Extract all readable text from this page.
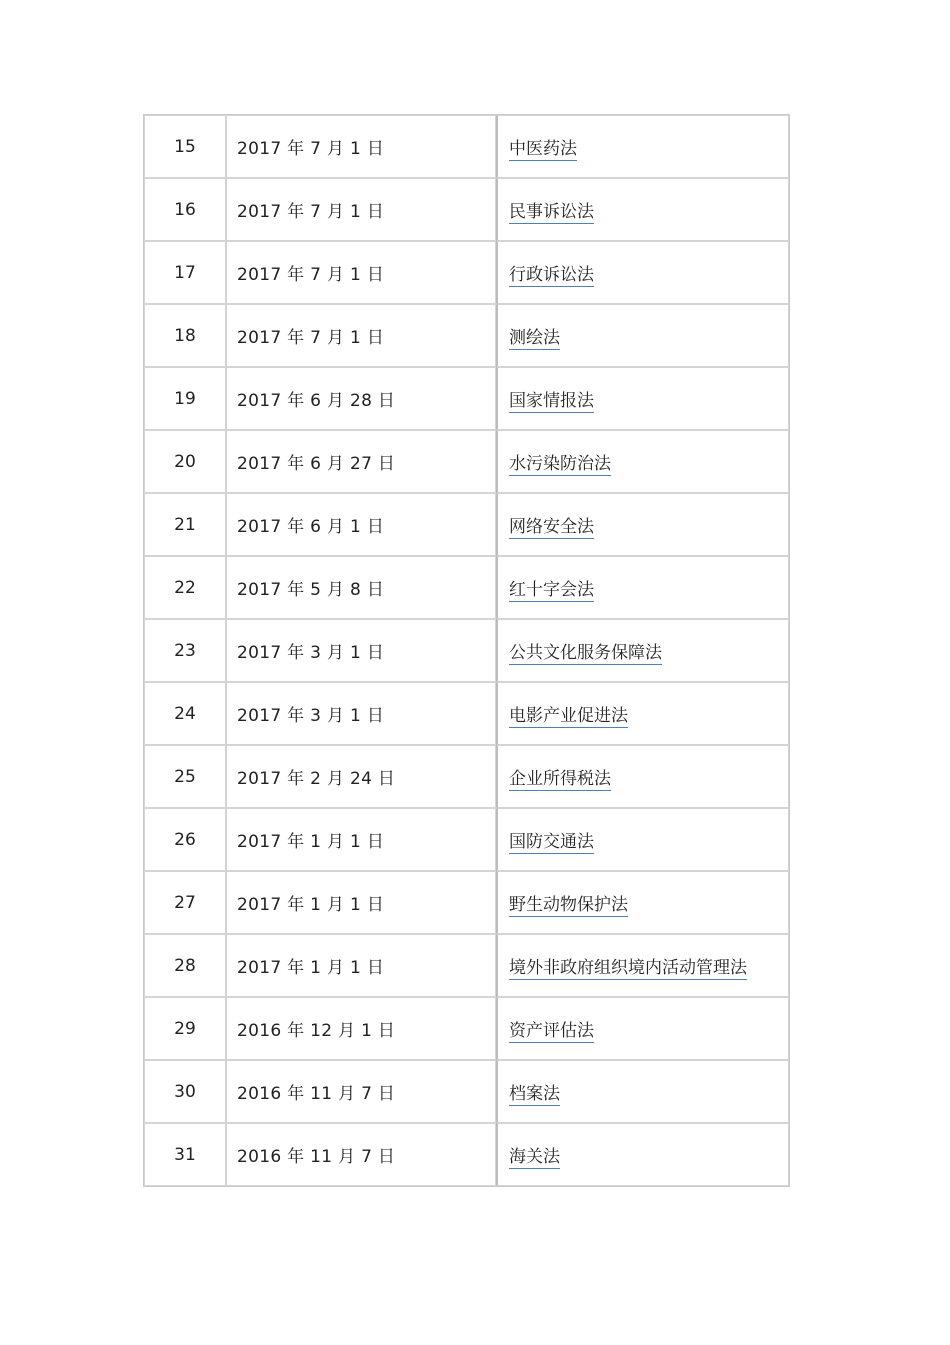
15	2017 年 7 月 1 日	中医药法
16	2017 年 7 月 1 日	民事诉讼法
17	2017 年 7 月 1 日	行政诉讼法
18	2017 年 7 月 1 日	测绘法
19	2017 年 6 月 28 日	国家情报法
20	2017 年 6 月 27 日	水污染防治法
21	2017 年 6 月 1 日	网络安全法
22	2017 年 5 月 8 日	红十字会法
23	2017 年 3 月 1 日	公共文化服务保障法
24	2017 年 3 月 1 日	电影产业促进法
25	2017 年 2 月 24 日	企业所得税法
26	2017 年 1 月 1 日	国防交通法
27	2017 年 1 月 1 日	野生动物保护法
28	2017 年 1 月 1 日	境外非政府组织境内活动管理法
29	2016 年 12 月 1 日	资产评估法
30	2016 年 11 月 7 日	档案法
31	2016 年 11 月 7 日	海关法
